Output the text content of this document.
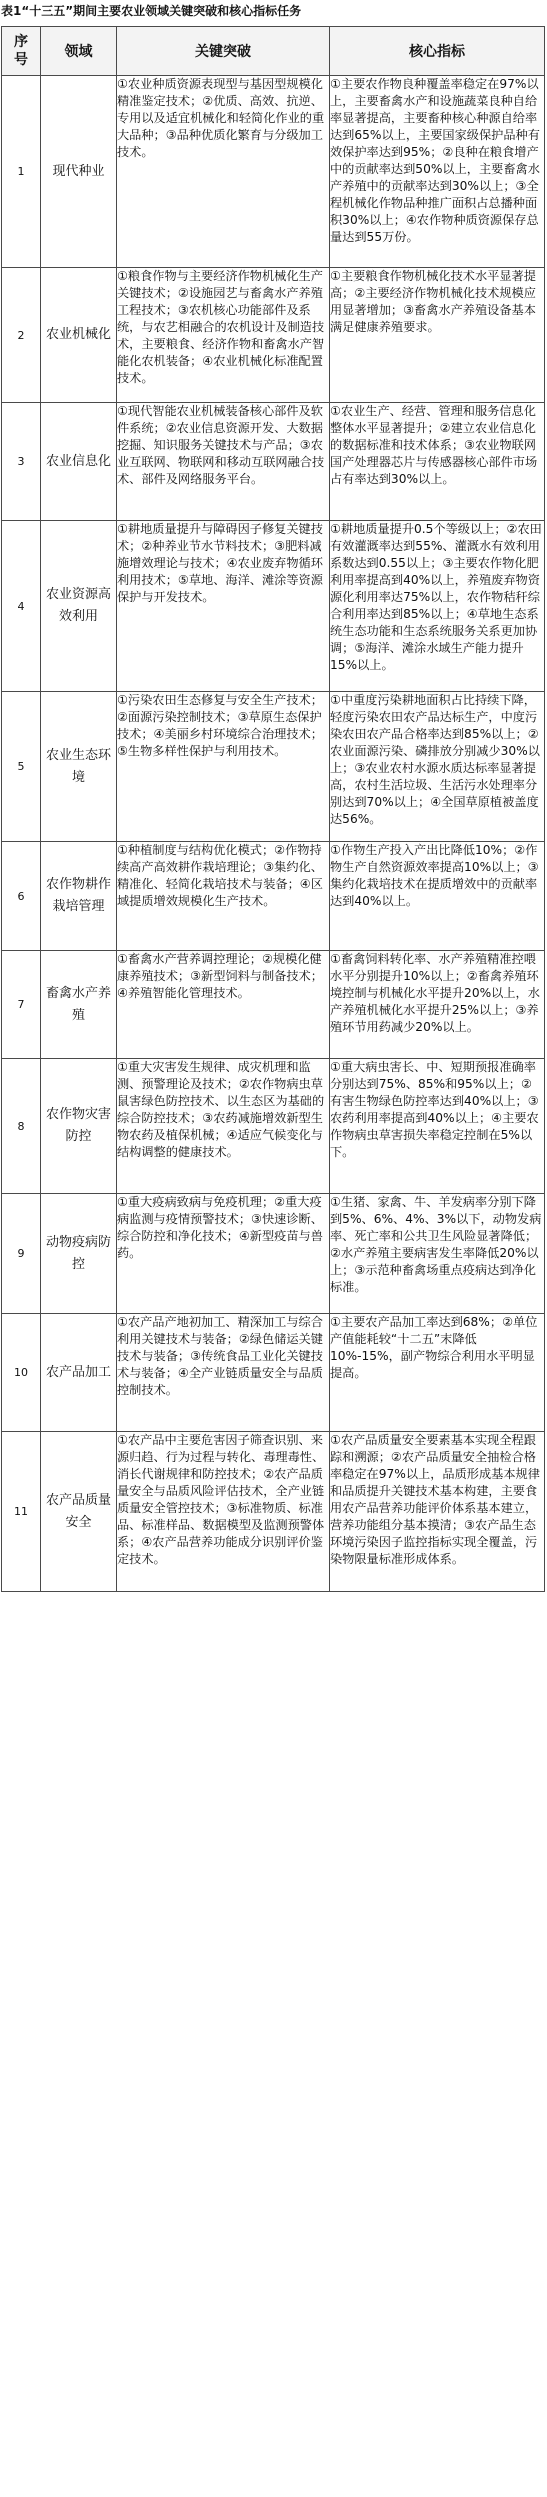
表1“十三五”期间主要农业领域关键突破和核心指标任务
序号	领域	关键突破	核心指标
1	现代种业	①农业种质资源表现型与基因型规模化精准鉴定技术；②优质、高效、抗逆、专用以及适宜机械化和轻简化作业的重大品种；③品种优质化繁育与分级加工技术。	①主要农作物良种覆盖率稳定在97%以上，主要畜禽水产和设施蔬菜良种自给率显著提高，主要畜种核心种源自给率达到65%以上，主要国家级保护品种有效保护率达到95%；②良种在粮食增产中的贡献率达到50%以上，主要畜禽水产养殖中的贡献率达到30%以上；③全程机械化作物品种推广面积占总播种面积30%以上；④农作物种质资源保存总量达到55万份。
2	农业机械化	①粮食作物与主要经济作物机械化生产关键技术；②设施园艺与畜禽水产养殖工程技术；③农机核心功能部件及系统，与农艺相融合的农机设计及制造技术，主要粮食、经济作物和畜禽水产智能化农机装备；④农业机械化标准配置技术。	①主要粮食作物机械化技术水平显著提高；②主要经济作物机械化技术规模应用显著增加；③畜禽水产养殖设备基本满足健康养殖要求。
3	农业信息化	①现代智能农业机械装备核心部件及软件系统；②农业信息资源开发、大数据挖掘、知识服务关键技术与产品；③农业互联网、物联网和移动互联网融合技术、部件及网络服务平台。	①农业生产、经营、管理和服务信息化整体水平显著提升；②建立农业信息化的数据标准和技术体系；③农业物联网国产处理器芯片与传感器核心部件市场占有率达到30%以上。
4	农业资源高效利用	①耕地质量提升与障碍因子修复关键技术；②种养业节水节料技术；③肥料减施增效理论与技术；④农业废弃物循环利用技术；⑤草地、海洋、滩涂等资源保护与开发技术。	①耕地质量提升0.5个等级以上；②农田有效灌溉率达到55%、灌溉水有效利用系数达到0.55以上；③主要农作物化肥利用率提高到40%以上，养殖废弃物资源化利用率达75%以上，农作物秸秆综合利用率达到85%以上；④草地生态系统生态功能和生态系统服务关系更加协调；⑤海洋、滩涂水域生产能力提升15%以上。
5	农业生态环境	①污染农田生态修复与安全生产技术；②面源污染控制技术；③草原生态保护技术；④美丽乡村环境综合治理技术；⑤生物多样性保护与利用技术。	①中重度污染耕地面积占比持续下降，轻度污染农田农产品达标生产，中度污染农田农产品合格率达到85%以上；②农业面源污染、磷排放分别减少30%以上；③农业农村水源水质达标率显著提高，农村生活垃圾、生活污水处理率分别达到70%以上；④全国草原植被盖度达56%。
6	农作物耕作栽培管理	①种植制度与结构优化模式；②作物持续高产高效耕作栽培理论；③集约化、精准化、轻简化栽培技术与装备；④区域提质增效规模化生产技术。	①作物生产投入产出比降低10%；②作物生产自然资源效率提高10%以上；③集约化栽培技术在提质增效中的贡献率达到40%以上。
7	畜禽水产养殖	①畜禽水产营养调控理论；②规模化健康养殖技术；③新型饲料与制备技术；④养殖智能化管理技术。	①畜禽饲料转化率、水产养殖精准控喂水平分别提升10%以上；②畜禽养殖环境控制与机械化水平提升20%以上，水产养殖机械化水平提升25%以上；③养殖环节用药减少20%以上。
8	农作物灾害防控	①重大灾害发生规律、成灾机理和监测、预警理论及技术；②农作物病虫草鼠害绿色防控技术、以生态区为基础的综合防控技术；③农药减施增效新型生物农药及植保机械；④适应气候变化与结构调整的健康技术。	①重大病虫害长、中、短期预报准确率分别达到75%、85%和95%以上；②有害生物绿色防控率达到40%以上；③农药利用率提高到40%以上；④主要农作物病虫草害损失率稳定控制在5%以下。
9	动物疫病防控	①重大疫病致病与免疫机理；②重大疫病监测与疫情预警技术；③快速诊断、综合防控和净化技术；④新型疫苗与兽药。	①生猪、家禽、牛、羊发病率分别下降到5%、6%、4%、3%以下，动物发病率、死亡率和公共卫生风险显著降低；②水产养殖主要病害发生率降低20%以上；③示范种畜禽场重点疫病达到净化标准。
10	农产品加工	①农产品产地初加工、精深加工与综合利用关键技术与装备；②绿色储运关键技术与装备；③传统食品工业化关键技术与装备；④全产业链质量安全与品质控制技术。	①主要农产品加工率达到68%；②单位产值能耗较“十二五”末降低10%-15%，副产物综合利用水平明显提高。
11	农产品质量安全	①农产品中主要危害因子筛查识别、来源归趋、行为过程与转化、毒理毒性、消长代谢规律和防控技术；②农产品质量安全与品质风险评估技术，全产业链质量安全管控技术；③标准物质、标准品、标准样品、数据模型及监测预警体系；④农产品营养功能成分识别评价鉴定技术。	①农产品质量安全要素基本实现全程跟踪和溯源；②农产品质量安全抽检合格率稳定在97%以上，品质形成基本规律和品质提升关键技术基本构建，主要食用农产品营养功能评价体系基本建立，营养功能组分基本摸清；③农产品生态环境污染因子监控指标实现全覆盖，污染物限量标准形成体系。
